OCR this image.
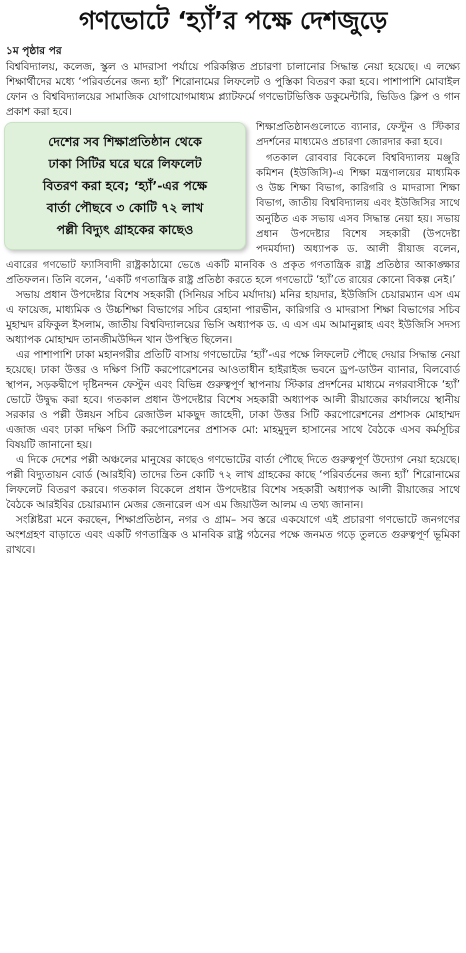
গণভোটে ‘হ্যাঁ’র পক্ষে দেশজুড়ে
১ম পৃষ্ঠার পর

বিশ্ববিদ্যালয়, কলেজ, স্কুল ও মাদরাসা পর্যায়ে পরিকল্পিত প্রচারণা চালানোর সিদ্ধান্ত নেয়া হয়েছে। এ লক্ষ্যে শিক্ষার্থীদের মধ্যে ‘পরিবর্তনের জন্য হ্যাঁ’ শিরোনামের লিফলেট ও পুস্তিকা বিতরণ করা হবে। পাশাপাশি মোবাইল ফোন ও বিশ্ববিদ্যালয়ের সামাজিক যোগাযোগমাধ্যম প্ল্যাটফর্মে গণভোটভিত্তিক ডকুমেন্টারি, ভিডিও ক্লিপ ও গান প্রকাশ করা হবে।

দেশের সব শিক্ষাপ্রতিষ্ঠান থেকে
ঢাকা সিটির ঘরে ঘরে লিফলেট
বিতরণ করা হবে; ‘হ্যাঁ’-এর পক্ষে
বার্তা পৌছবে ৩ কোটি ৭২ লাখ
পল্লী বিদ্যুৎ গ্রাহকের কাছেও

শিক্ষাপ্রতিষ্ঠানগুলোতে ব্যানার, ফেস্টুন ও স্টিকার প্রদর্শনের মাধ্যমেও প্রচারণা জোরদার করা হবে।

গতকাল রোববার বিকেলে বিশ্ববিদ্যালয় মঞ্জুরি কমিশন (ইউজিসি)-এ শিক্ষা মন্ত্রণালয়ের মাধ্যমিক ও উচ্চ শিক্ষা বিভাগ, কারিগরি ও মাদরাসা শিক্ষা বিভাগ, জাতীয় বিশ্ববিদ্যালয় এবং ইউজিসির সাথে অনুষ্ঠিত এক সভায় এসব সিদ্ধান্ত নেয়া হয়। সভায় প্রধান উপদেষ্টার বিশেষ সহকারী (উপদেষ্টা পদমর্যাদা) অধ্যাপক ড. আলী রীয়াজ বলেন, এবারের গণভোট ফ্যাসিবাদী রাষ্ট্রকাঠামো ভেঙে একটি মানবিক ও প্রকৃত গণতান্ত্রিক রাষ্ট্র প্রতিষ্ঠার আকাঙ্ক্ষার প্রতিফলন। তিনি বলেন, ‘একটি গণতান্ত্রিক রাষ্ট্র প্রতিষ্ঠা করতে হলে গণভোটে ‘হ্যাঁ’তে রায়ের কোনো বিকল্প নেই।’

সভায় প্রধান উপদেষ্টার বিশেষ সহকারী (সিনিয়র সচিব মর্যাদায়) মনির হায়দার, ইউজিসি চেয়ারম্যান এস এম এ ফায়েজ, মাধ্যমিক ও উচ্চশিক্ষা বিভাগের সচিব রেহানা পারভীন, কারিগরি ও মাদরাসা শিক্ষা বিভাগের সচিব মুহাম্মদ রফিকুল ইসলাম, জাতীয় বিশ্ববিদ্যালয়ের ভিসি অধ্যাপক ড. এ এস এম আমানুল্লাহ এবং ইউজিসি সদস্য অধ্যাপক মোহাম্মদ তানজীমউদ্দিন খান উপস্থিত ছিলেন।

এর পাশাপাশি ঢাকা মহানগরীর প্রতিটি বাসায় গণভোটের ‘হ্যাঁ’-এর পক্ষে লিফলেট পৌছে দেয়ার সিদ্ধান্ত নেয়া হয়েছে। ঢাকা উত্তর ও দক্ষিণ সিটি করপোরেশনের আওতাধীন হাইরাইজ ভবনে ড্রপ-ডাউন ব্যানার, বিলবোর্ড স্থাপন, সড়কদ্বীপে দৃষ্টিনন্দন ফেস্টুন এবং বিভিন্ন গুরুত্বপূর্ণ স্থাপনায় স্টিকার প্রদর্শনের মাধ্যমে নগরবাসীকে ‘হ্যাঁ’ ভোটে উদ্বুদ্ধ করা হবে। গতকাল প্রধান উপদেষ্টার বিশেষ সহকারী অধ্যাপক আলী রীয়াজের কার্যালয়ে স্থানীয় সরকার ও পল্লী উন্নয়ন সচিব রেজাউল মাকছুদ জাহেদী, ঢাকা উত্তর সিটি করপোরেশনের প্রশাসক মোহাম্মদ এজাজ এবং ঢাকা দক্ষিণ সিটি করপোরেশনের প্রশাসক মো: মাহমুদুল হাসানের সাথে বৈঠকে এসব কর্মসূচির বিষয়টি জানানো হয়।

এ দিকে দেশের পল্লী অঞ্চলের মানুষের কাছেও গণভোটের বার্তা পৌছে দিতে গুরুত্বপূর্ণ উদ্যোগ নেয়া হয়েছে। পল্লী বিদ্যুতায়ন বোর্ড (আরইবি) তাদের তিন কোটি ৭২ লাখ গ্রাহকের কাছে ‘পরিবর্তনের জন্য হ্যাঁ’ শিরোনামের লিফলেট বিতরণ করবে। গতকাল বিকেলে প্রধান উপদেষ্টার বিশেষ সহকারী অধ্যাপক আলী রীয়াজের সাথে বৈঠকে আরইবির চেয়ারম্যান মেজর জেনারেল এস এম জিয়াউল আলম এ তথ্য জানান।

সংশ্লিষ্টরা মনে করছেন, শিক্ষাপ্রতিষ্ঠান, নগর ও গ্রাম– সব স্তরে একযোগে এই প্রচারণা গণভোটে জনগণের অংশগ্রহণ বাড়াতে এবং একটি গণতান্ত্রিক ও মানবিক রাষ্ট্র গঠনের পক্ষে জনমত গড়ে তুলতে গুরুত্বপূর্ণ ভূমিকা রাখবে।
